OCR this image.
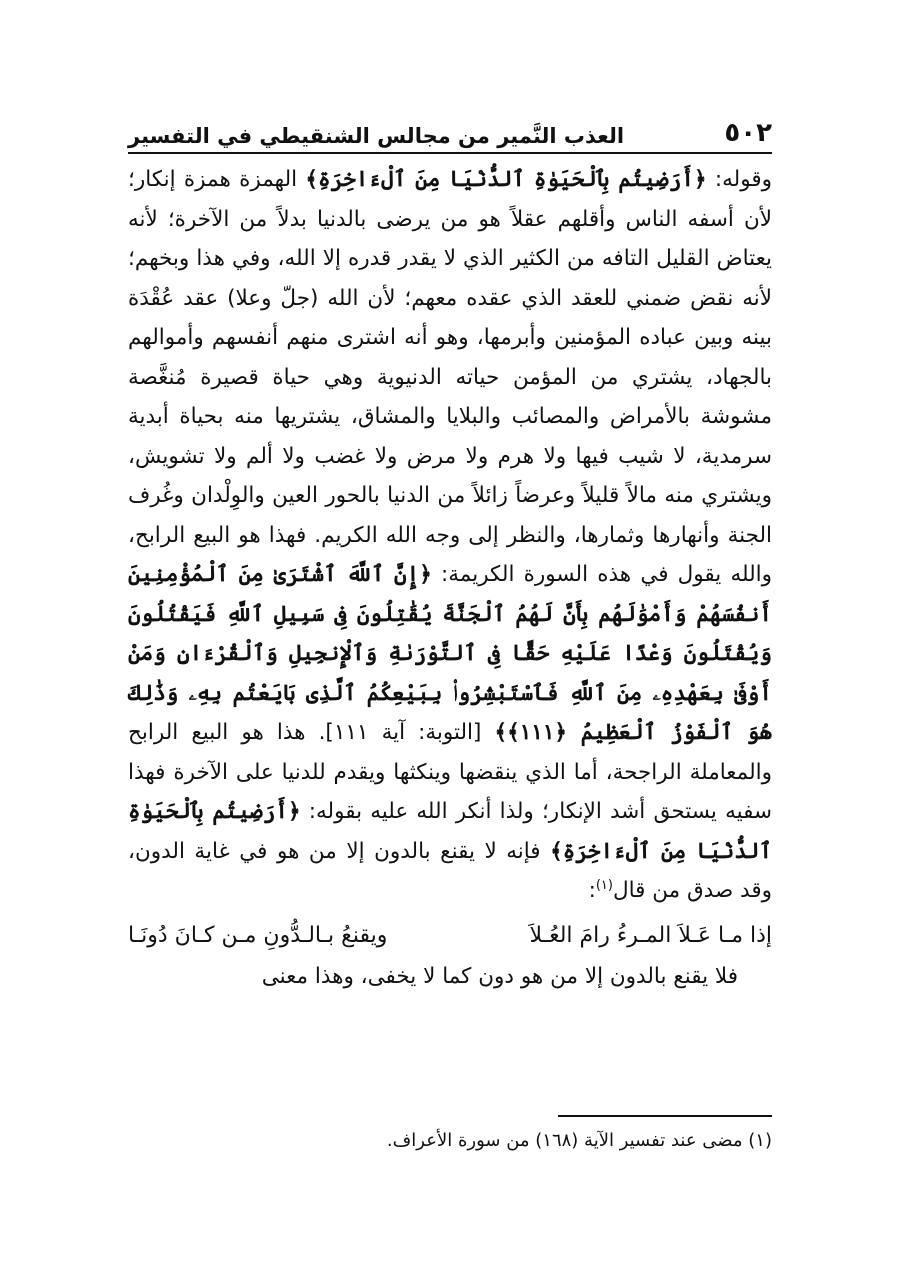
٥٠٢
العذب النَّمير من مجالس الشنقيطي في التفسير

وقوله: ﴿أَرَضِيتُم بِٱلْحَيَوٰةِ ٱلدُّنْيَا مِنَ ٱلْءَاخِرَةِ﴾ الهمزة همزة إنكار؛ لأن أسفه الناس وأقلهم عقلاً هو من يرضى بالدنيا بدلاً من الآخرة؛ لأنه يعتاض القليل التافه من الكثير الذي لا يقدر قدره إلا الله، وفي هذا وبخهم؛ لأنه نقض ضمني للعقد الذي عقده معهم؛ لأن الله (جلّ وعلا) عقد عُقْدَة بينه وبين عباده المؤمنين وأبرمها، وهو أنه اشترى منهم أنفسهم وأموالهم بالجهاد، يشتري من المؤمن حياته الدنيوية وهي حياة قصيرة مُنغَّصة مشوشة بالأمراض والمصائب والبلايا والمشاق، يشتريها منه بحياة أبدية سرمدية، لا شيب فيها ولا هرم ولا مرض ولا غضب ولا ألم ولا تشويش، ويشتري منه مالاً قليلاً وعرضاً زائلاً من الدنيا بالحور العين والوِلْدان وغُرف الجنة وأنهارها وثمارها، والنظر إلى وجه الله الكريم. فهذا هو البيع الرابح، والله يقول في هذه السورة الكريمة: ﴿إِنَّ ٱللَّهَ ٱشْتَرَىٰ مِنَ ٱلْمُؤْمِنِينَ أَنفُسَهُمْ وَأَمْوَٰلَهُم بِأَنَّ لَهُمُ ٱلْجَنَّةَ يُقَٰتِلُونَ فِى سَبِيلِ ٱللَّهِ فَيَقْتُلُونَ وَيُقْتَلُونَ وَعْدًا عَلَيْهِ حَقًّا فِى ٱلتَّوْرَىٰةِ وَٱلْإِنجِيلِ وَٱلْقُرْءَانِ وَمَنْ أَوْفَىٰ بِعَهْدِهِۦ مِنَ ٱللَّهِ فَٱسْتَبْشِرُوا۟ بِبَيْعِكُمُ ٱلَّذِى بَايَعْتُم بِهِۦ وَذَٰلِكَ هُوَ ٱلْفَوْزُ ٱلْعَظِيمُ ﴿١١١﴾﴾ [التوبة: آية ١١١]. هذا هو البيع الرابح والمعاملة الراجحة، أما الذي ينقضها وينكثها ويقدم للدنيا على الآخرة فهذا سفيه يستحق أشد الإنكار؛ ولذا أنكر الله عليه بقوله: ﴿أَرَضِيتُم بِٱلْحَيَوٰةِ ٱلدُّنْيَا مِنَ ٱلْءَاخِرَةِ﴾ فإنه لا يقنع بالدون إلا من هو في غاية الدون، وقد صدق من قال$^{(١)}$:

إذا مـا عَـلاَ المـرءُ رامَ العُـلاَ
ويقنعُ بـالـدُّونِ مـن كـانَ دُونَـا

فلا يقنع بالدون إلا من هو دون كما لا يخفى، وهذا معنى

(١) مضى عند تفسير الآية (١٦٨) من سورة الأعراف.
